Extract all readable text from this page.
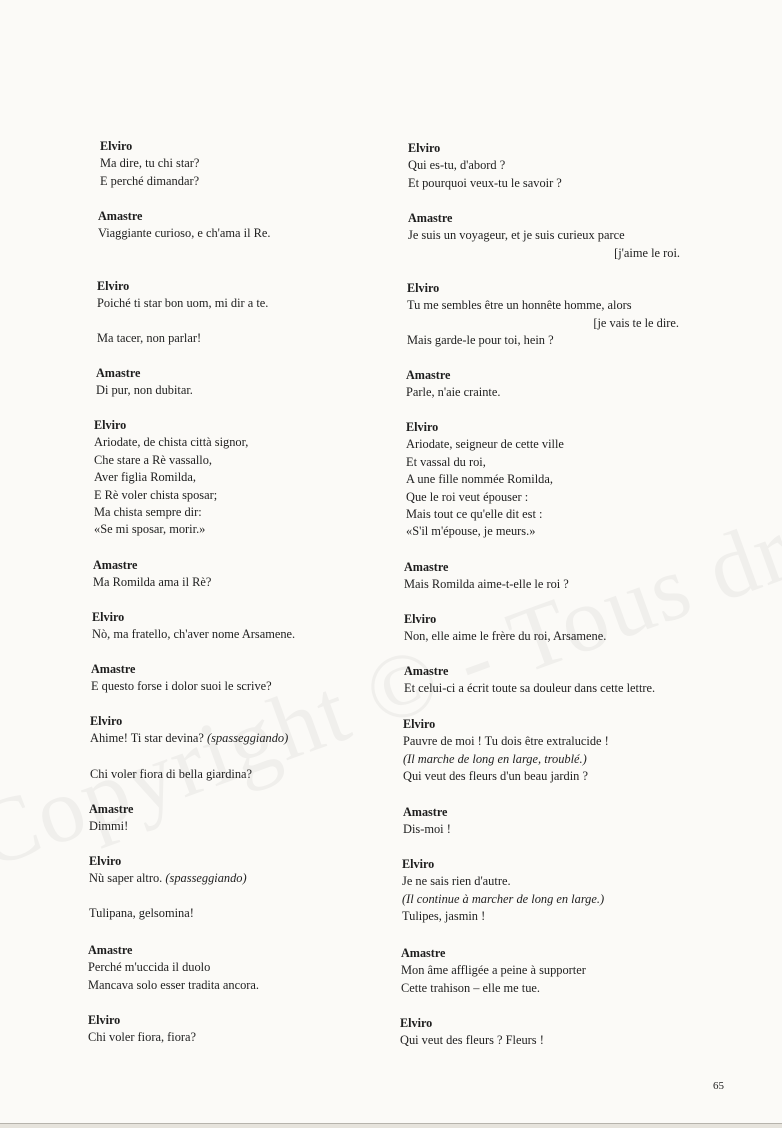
Elviro
Ma dire, tu chi star?
E perché dimandar?
Amastre
Viaggiante curioso, e ch'ama il Re.
Elviro
Poiché ti star bon uom, mi dir a te.
Ma tacer, non parlar!
Amastre
Di pur, non dubitar.
Elviro
Ariodate, de chista città signor,
Che stare a Rè vassallo,
Aver figlia Romilda,
E Rè voler chista sposar;
Ma chista sempre dir:
«Se mi sposar, morir.»
Amastre
Ma Romilda ama il Rè?
Elviro
Nò, ma fratello, ch'aver nome Arsamene.
Amastre
E questo forse i dolor suoi le scrive?
Elviro
Ahime! Ti star devina? (spasseggiando)
Chi voler fiora di bella giardina?
Amastre
Dimmi!
Elviro
Nù saper altro. (spasseggiando)
Tulipana, gelsomina!
Amastre
Perché m'uccida il duolo
Mancava solo esser tradita ancora.
Elviro
Chi voler fiora, fiora?
Elviro
Qui es-tu, d'abord ?
Et pourquoi veux-tu le savoir ?
Amastre
Je suis un voyageur, et je suis curieux parce
[j'aime le roi.
Elviro
Tu me sembles être un honnête homme, alors
[je vais te le dire.
Mais garde-le pour toi, hein ?
Amastre
Parle, n'aie crainte.
Elviro
Ariodate, seigneur de cette ville
Et vassal du roi,
A une fille nommée Romilda,
Que le roi veut épouser :
Mais tout ce qu'elle dit est :
«S'il m'épouse, je meurs.»
Amastre
Mais Romilda aime-t-elle le roi ?
Elviro
Non, elle aime le frère du roi, Arsamene.
Amastre
Et celui-ci a écrit toute sa douleur dans cette lettre.
Elviro
Pauvre de moi ! Tu dois être extralucide !
(Il marche de long en large, troublé.)
Qui veut des fleurs d'un beau jardin ?
Amastre
Dis-moi !
Elviro
Je ne sais rien d'autre.
(Il continue à marcher de long en large.)
Tulipes, jasmin !
Amastre
Mon âme affligée a peine à supporter
Cette trahison – elle me tue.
Elviro
Qui veut des fleurs ? Fleurs !
65
